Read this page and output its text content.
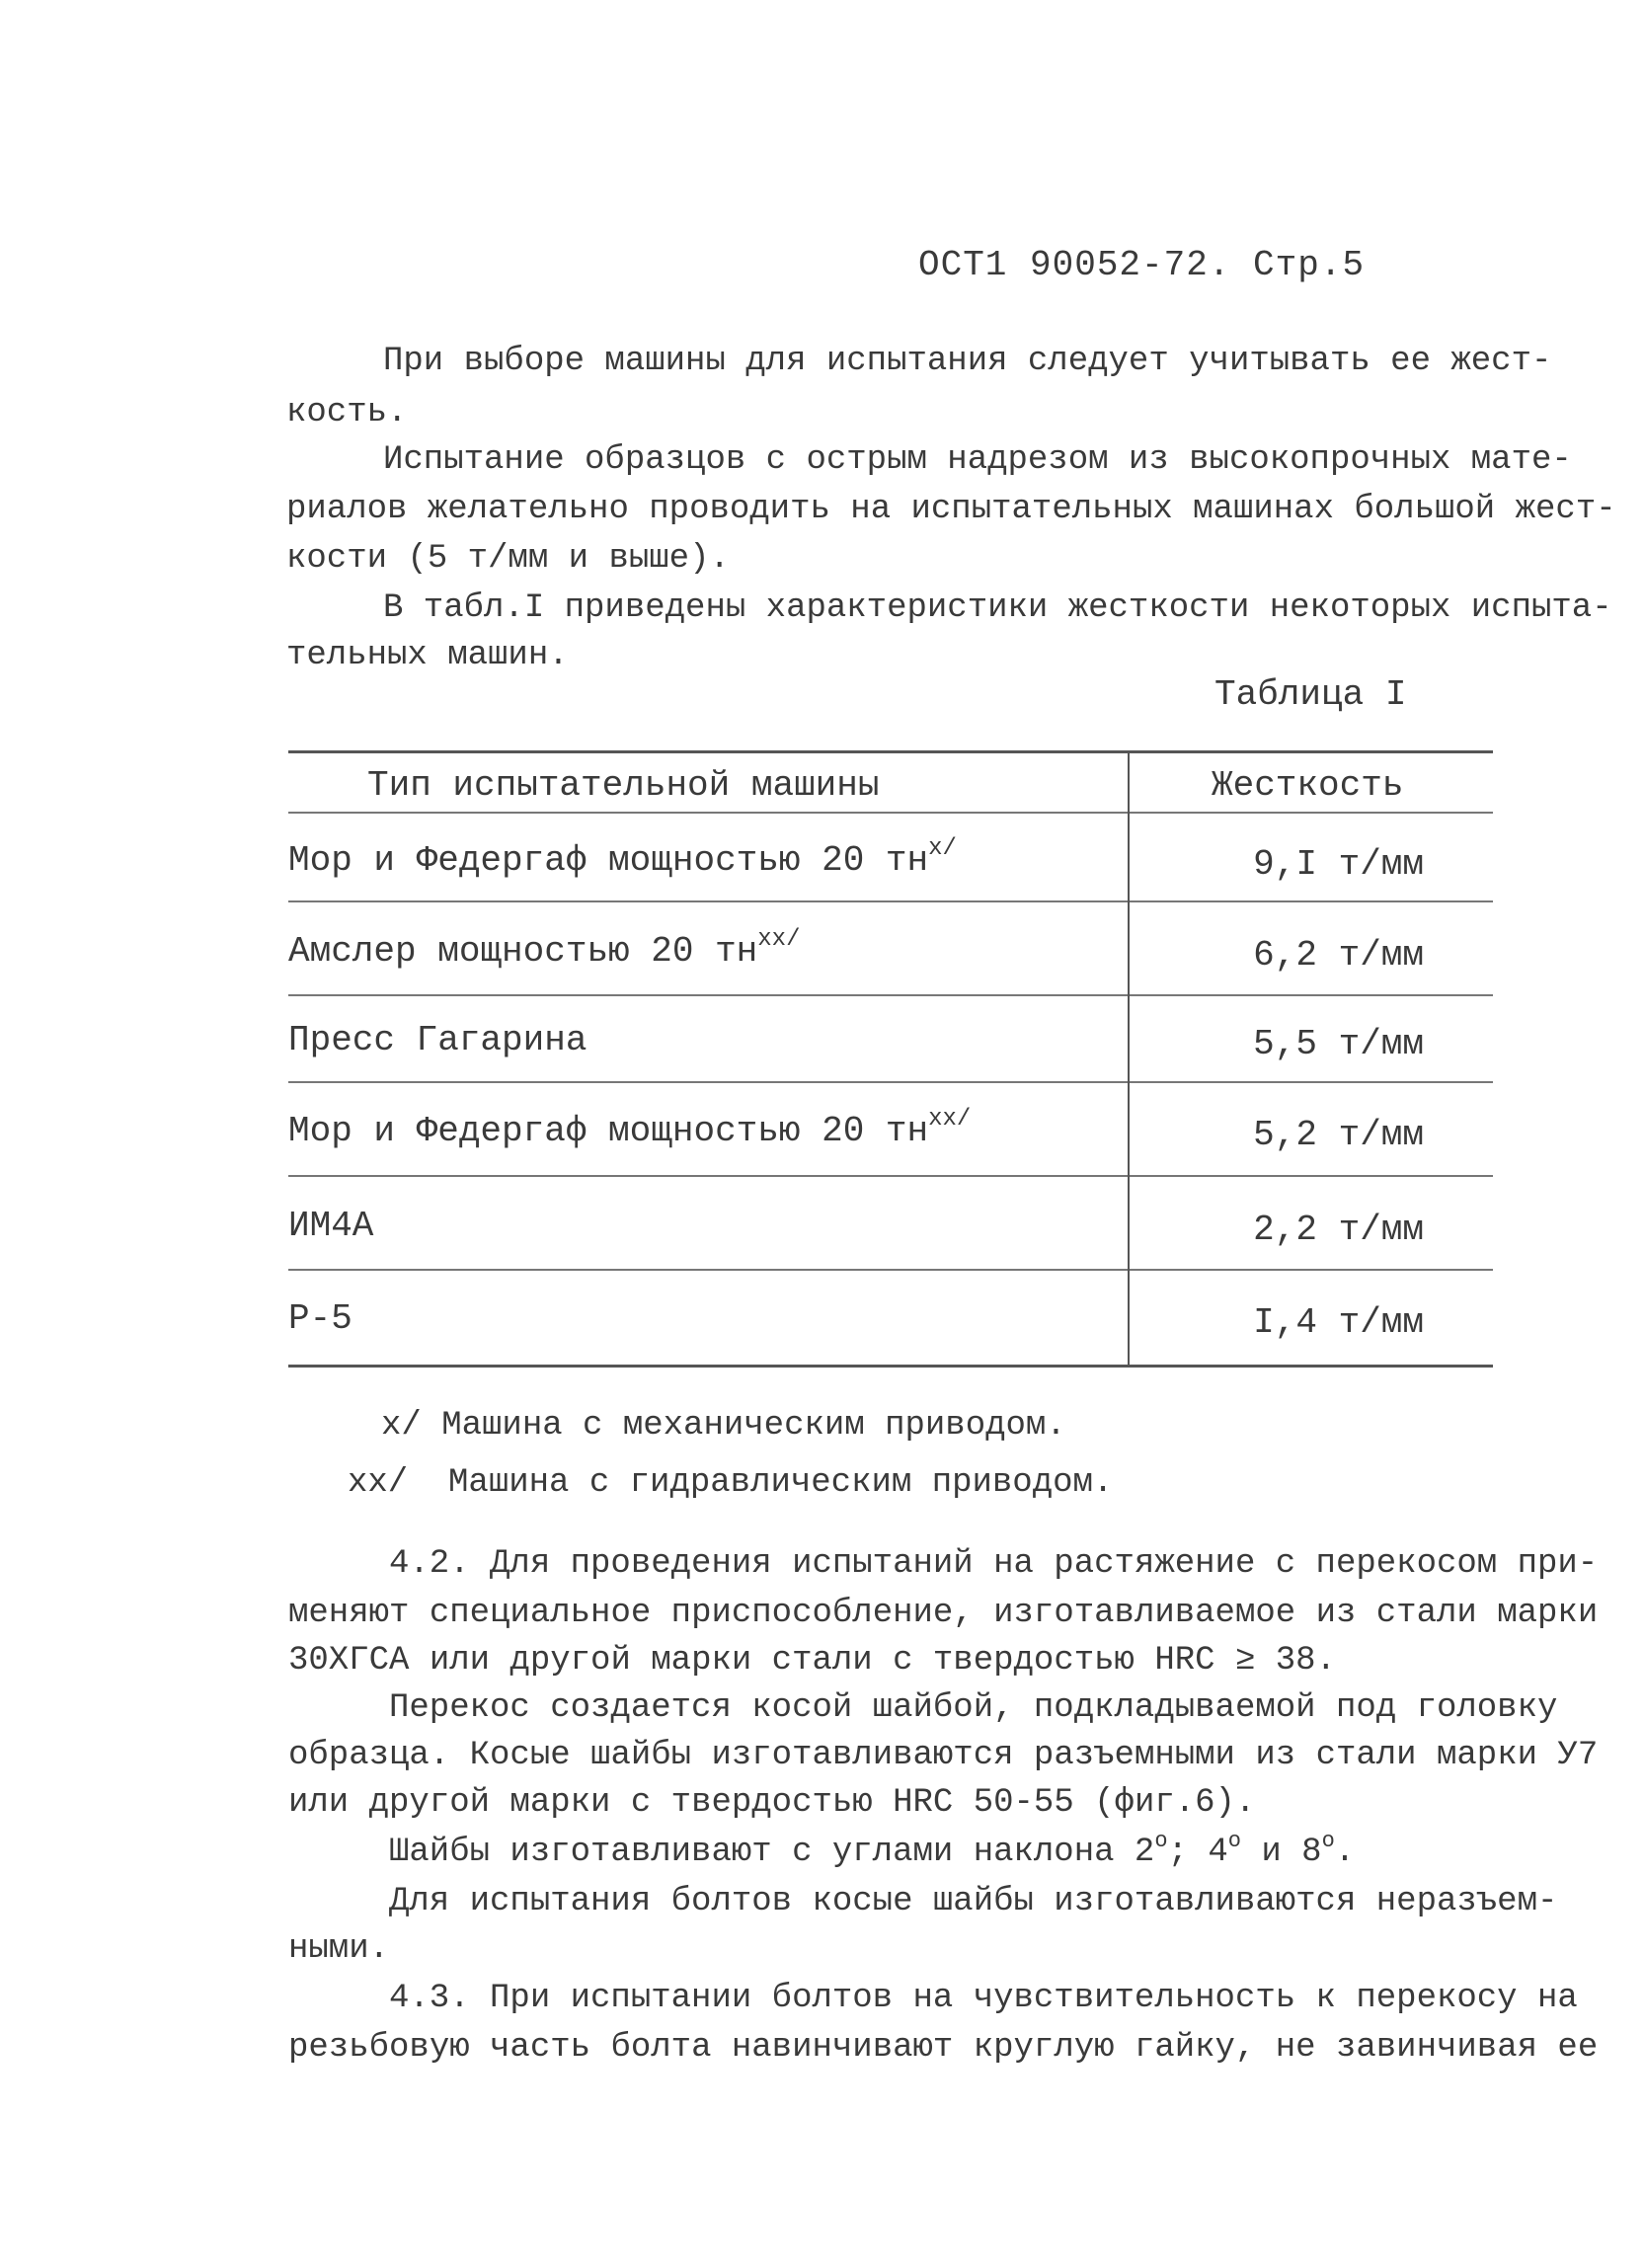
ОСТ1 90052-72. Стр.5
При выборе машины для испытания следует учитывать ее жест-
кость.
Испытание образцов с острым надрезом из высокопрочных мате-
риалов желательно проводить на испытательных машинах большой жест-
кости (5 т/мм и выше).
В табл.I приведены характеристики жесткости некоторых испыта-
тельных машин.
Таблица I
Тип испытательной машины	Жесткость
Мор и Федергаф мощностью 20 $тн^{x/}$	9,I т/мм
Амслер мощностью 20 $тн^{xx/}$	6,2 т/мм
Пресс Гагарина	5,5 т/мм
Мор и Федергаф мощностью 20 $тн^{xx/}$	5,2 т/мм
ИМ4А	2,2 т/мм
Р-5	I,4 т/мм
x/ Машина с механическим приводом.
xx/  Машина с гидравлическим приводом.
4.2. Для проведения испытаний на растяжение с перекосом при-
меняют специальное приспособление, изготавливаемое из стали марки
30ХГСА или другой марки стали с твердостью HRC ≥ 38.
Перекос создается косой шайбой, подкладываемой под головку
образца. Косые шайбы изготавливаются разъемными из стали марки У7
или другой марки с твердостью HRC 50-55 (фиг.6).
Шайбы изготавливают с углами наклона $2^о$; $4^о$ и $8^о$.
Для испытания болтов косые шайбы изготавливаются неразъем-
ными.
4.3. При испытании болтов на чувствительность к перекосу на
резьбовую часть болта навинчивают круглую гайку, не завинчивая ее
